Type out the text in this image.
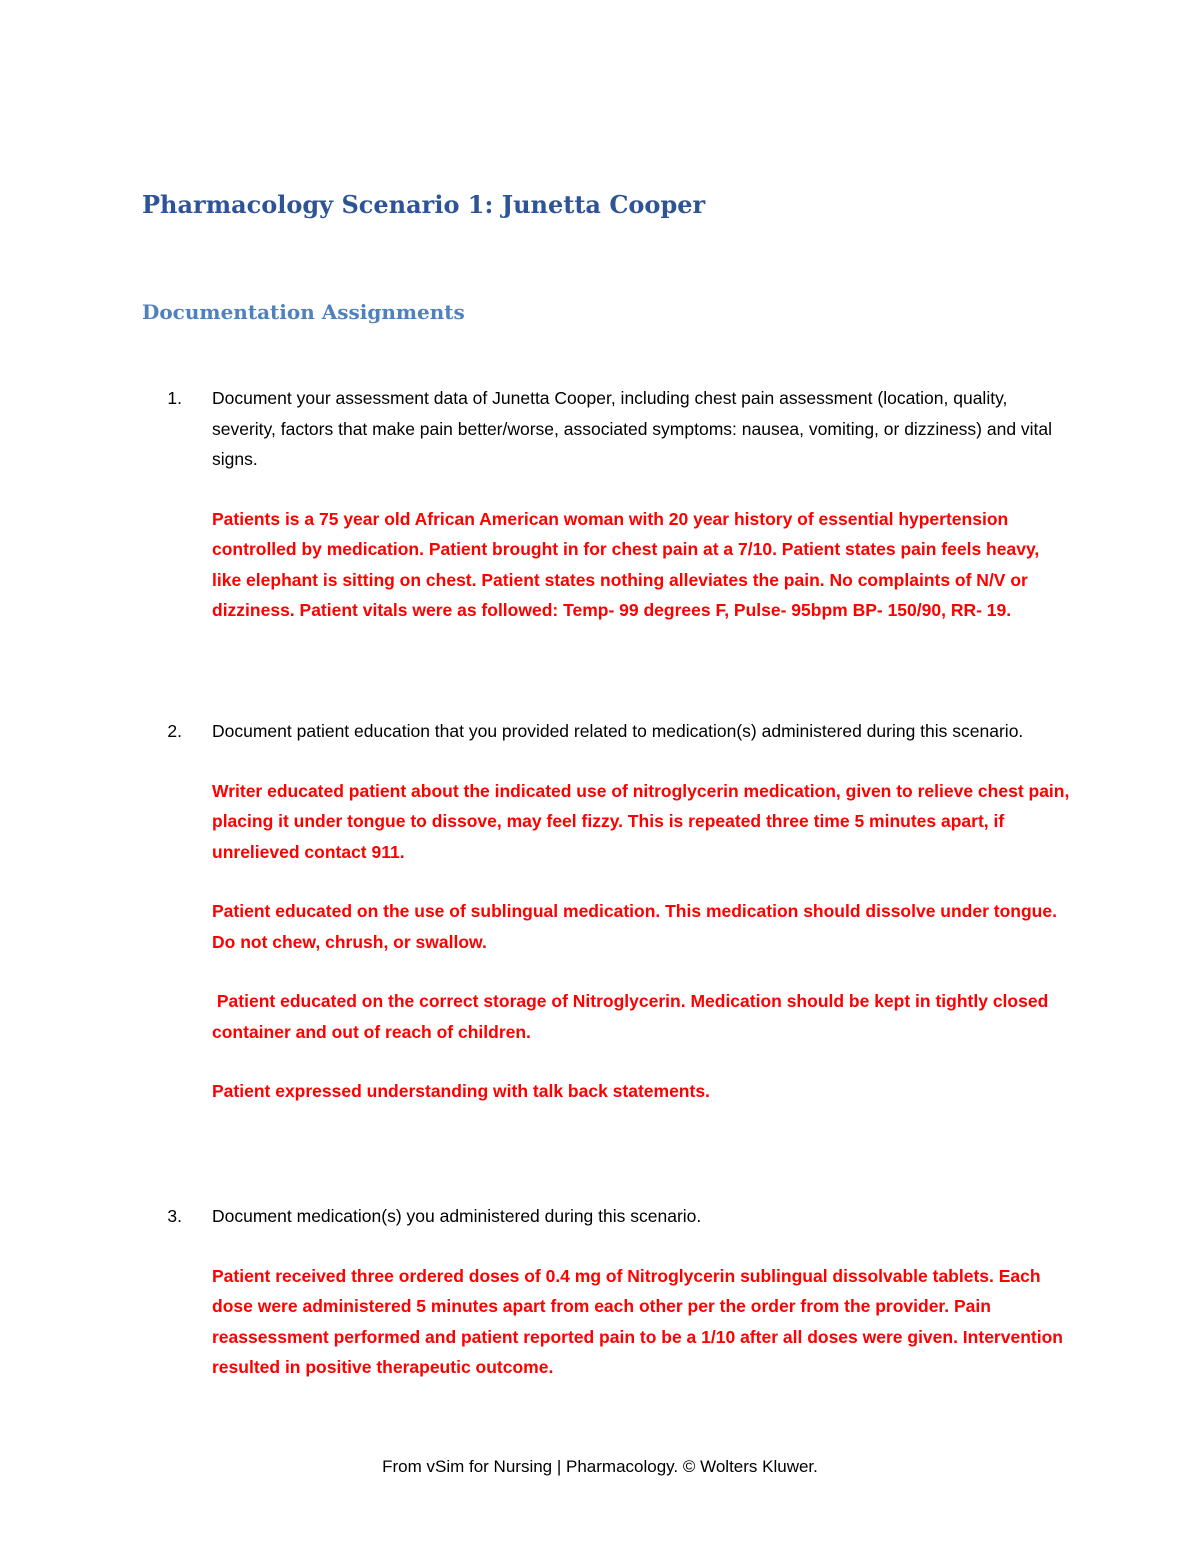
Pharmacology Scenario 1: Junetta Cooper
Documentation Assignments
1. Document your assessment data of Junetta Cooper, including chest pain assessment (location, quality, severity, factors that make pain better/worse, associated symptoms: nausea, vomiting, or dizziness) and vital signs.

Patients is a 75 year old African American woman with 20 year history of essential hypertension controlled by medication. Patient brought in for chest pain at a 7/10. Patient states pain feels heavy, like elephant is sitting on chest. Patient states nothing alleviates the pain. No complaints of N/V or dizziness. Patient vitals were as followed: Temp- 99 degrees F, Pulse- 95bpm BP- 150/90, RR- 19.

2. Document patient education that you provided related to medication(s) administered during this scenario.

Writer educated patient about the indicated use of nitroglycerin medication, given to relieve chest pain, placing it under tongue to dissove, may feel fizzy. This is repeated three time 5 minutes apart, if unrelieved contact 911.

Patient educated on the use of sublingual medication. This medication should dissolve under tongue. Do not chew, chrush, or swallow.

Patient educated on the correct storage of Nitroglycerin. Medication should be kept in tightly closed container and out of reach of children.

Patient expressed understanding with talk back statements.

3. Document medication(s) you administered during this scenario.

Patient received three ordered doses of 0.4 mg of Nitroglycerin sublingual dissolvable tablets. Each dose were administered 5 minutes apart from each other per the order from the provider. Pain reassessment performed and patient reported pain to be a 1/10 after all doses were given. Intervention resulted in positive therapeutic outcome.

From vSim for Nursing | Pharmacology. © Wolters Kluwer.
